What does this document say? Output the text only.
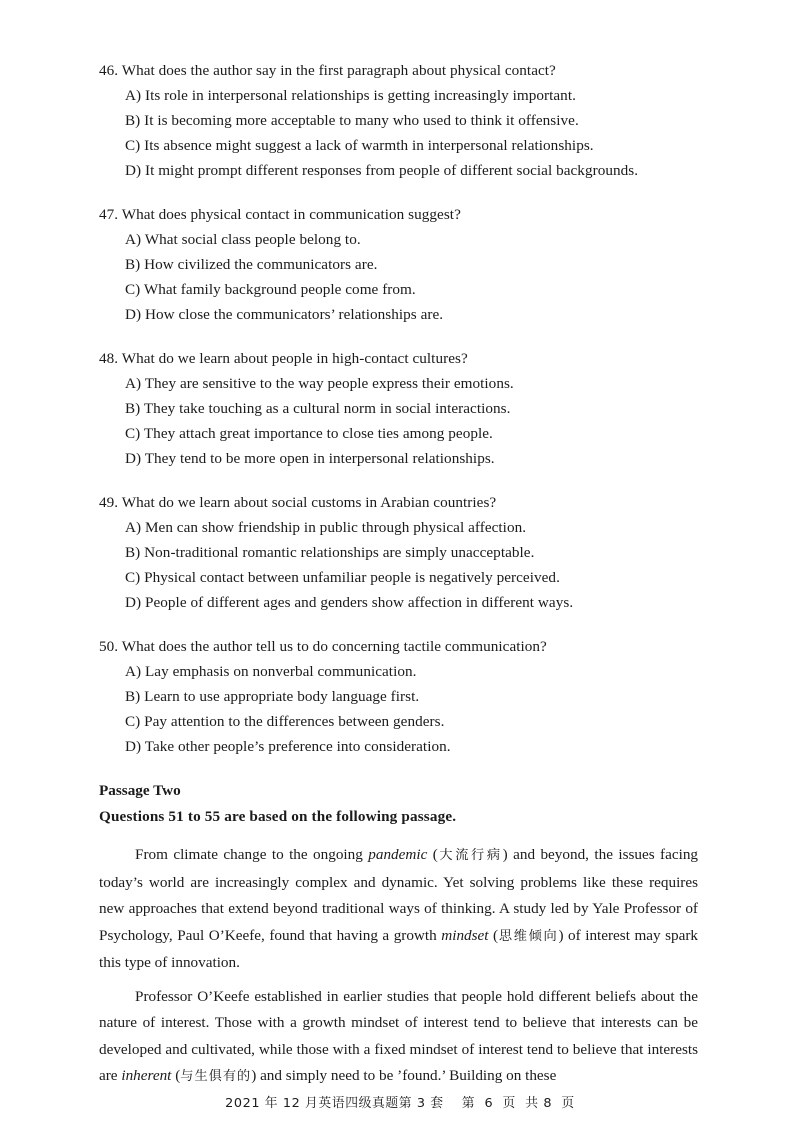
46. What does the author say in the first paragraph about physical contact?
A) Its role in interpersonal relationships is getting increasingly important.
B) It is becoming more acceptable to many who used to think it offensive.
C) Its absence might suggest a lack of warmth in interpersonal relationships.
D) It might prompt different responses from people of different social backgrounds.
47. What does physical contact in communication suggest?
A) What social class people belong to.
B) How civilized the communicators are.
C) What family background people come from.
D) How close the communicators’ relationships are.
48. What do we learn about people in high-contact cultures?
A) They are sensitive to the way people express their emotions.
B) They take touching as a cultural norm in social interactions.
C) They attach great importance to close ties among people.
D) They tend to be more open in interpersonal relationships.
49. What do we learn about social customs in Arabian countries?
A) Men can show friendship in public through physical affection.
B) Non-traditional romantic relationships are simply unacceptable.
C) Physical contact between unfamiliar people is negatively perceived.
D) People of different ages and genders show affection in different ways.
50. What does the author tell us to do concerning tactile communication?
A) Lay emphasis on nonverbal communication.
B) Learn to use appropriate body language first.
C) Pay attention to the differences between genders.
D) Take other people’s preference into consideration.
Passage Two
Questions 51 to 55 are based on the following passage.

From climate change to the ongoing pandemic (大流行病) and beyond, the issues facing today’s world are increasingly complex and dynamic. Yet solving problems like these requires new approaches that extend beyond traditional ways of thinking. A study led by Yale Professor of Psychology, Paul O’Keefe, found that having a growth mindset (思维倾向) of interest may spark this type of innovation.

Professor O’Keefe established in earlier studies that people hold different beliefs about the nature of interest. Those with a growth mindset of interest tend to believe that interests can be developed and cultivated, while those with a fixed mindset of interest tend to believe that interests are inherent (与生俱有的) and simply need to be ’found.’ Building on these

2021 年 12 月英语四级真题第 3 套　 第  6  页  共 8  页
